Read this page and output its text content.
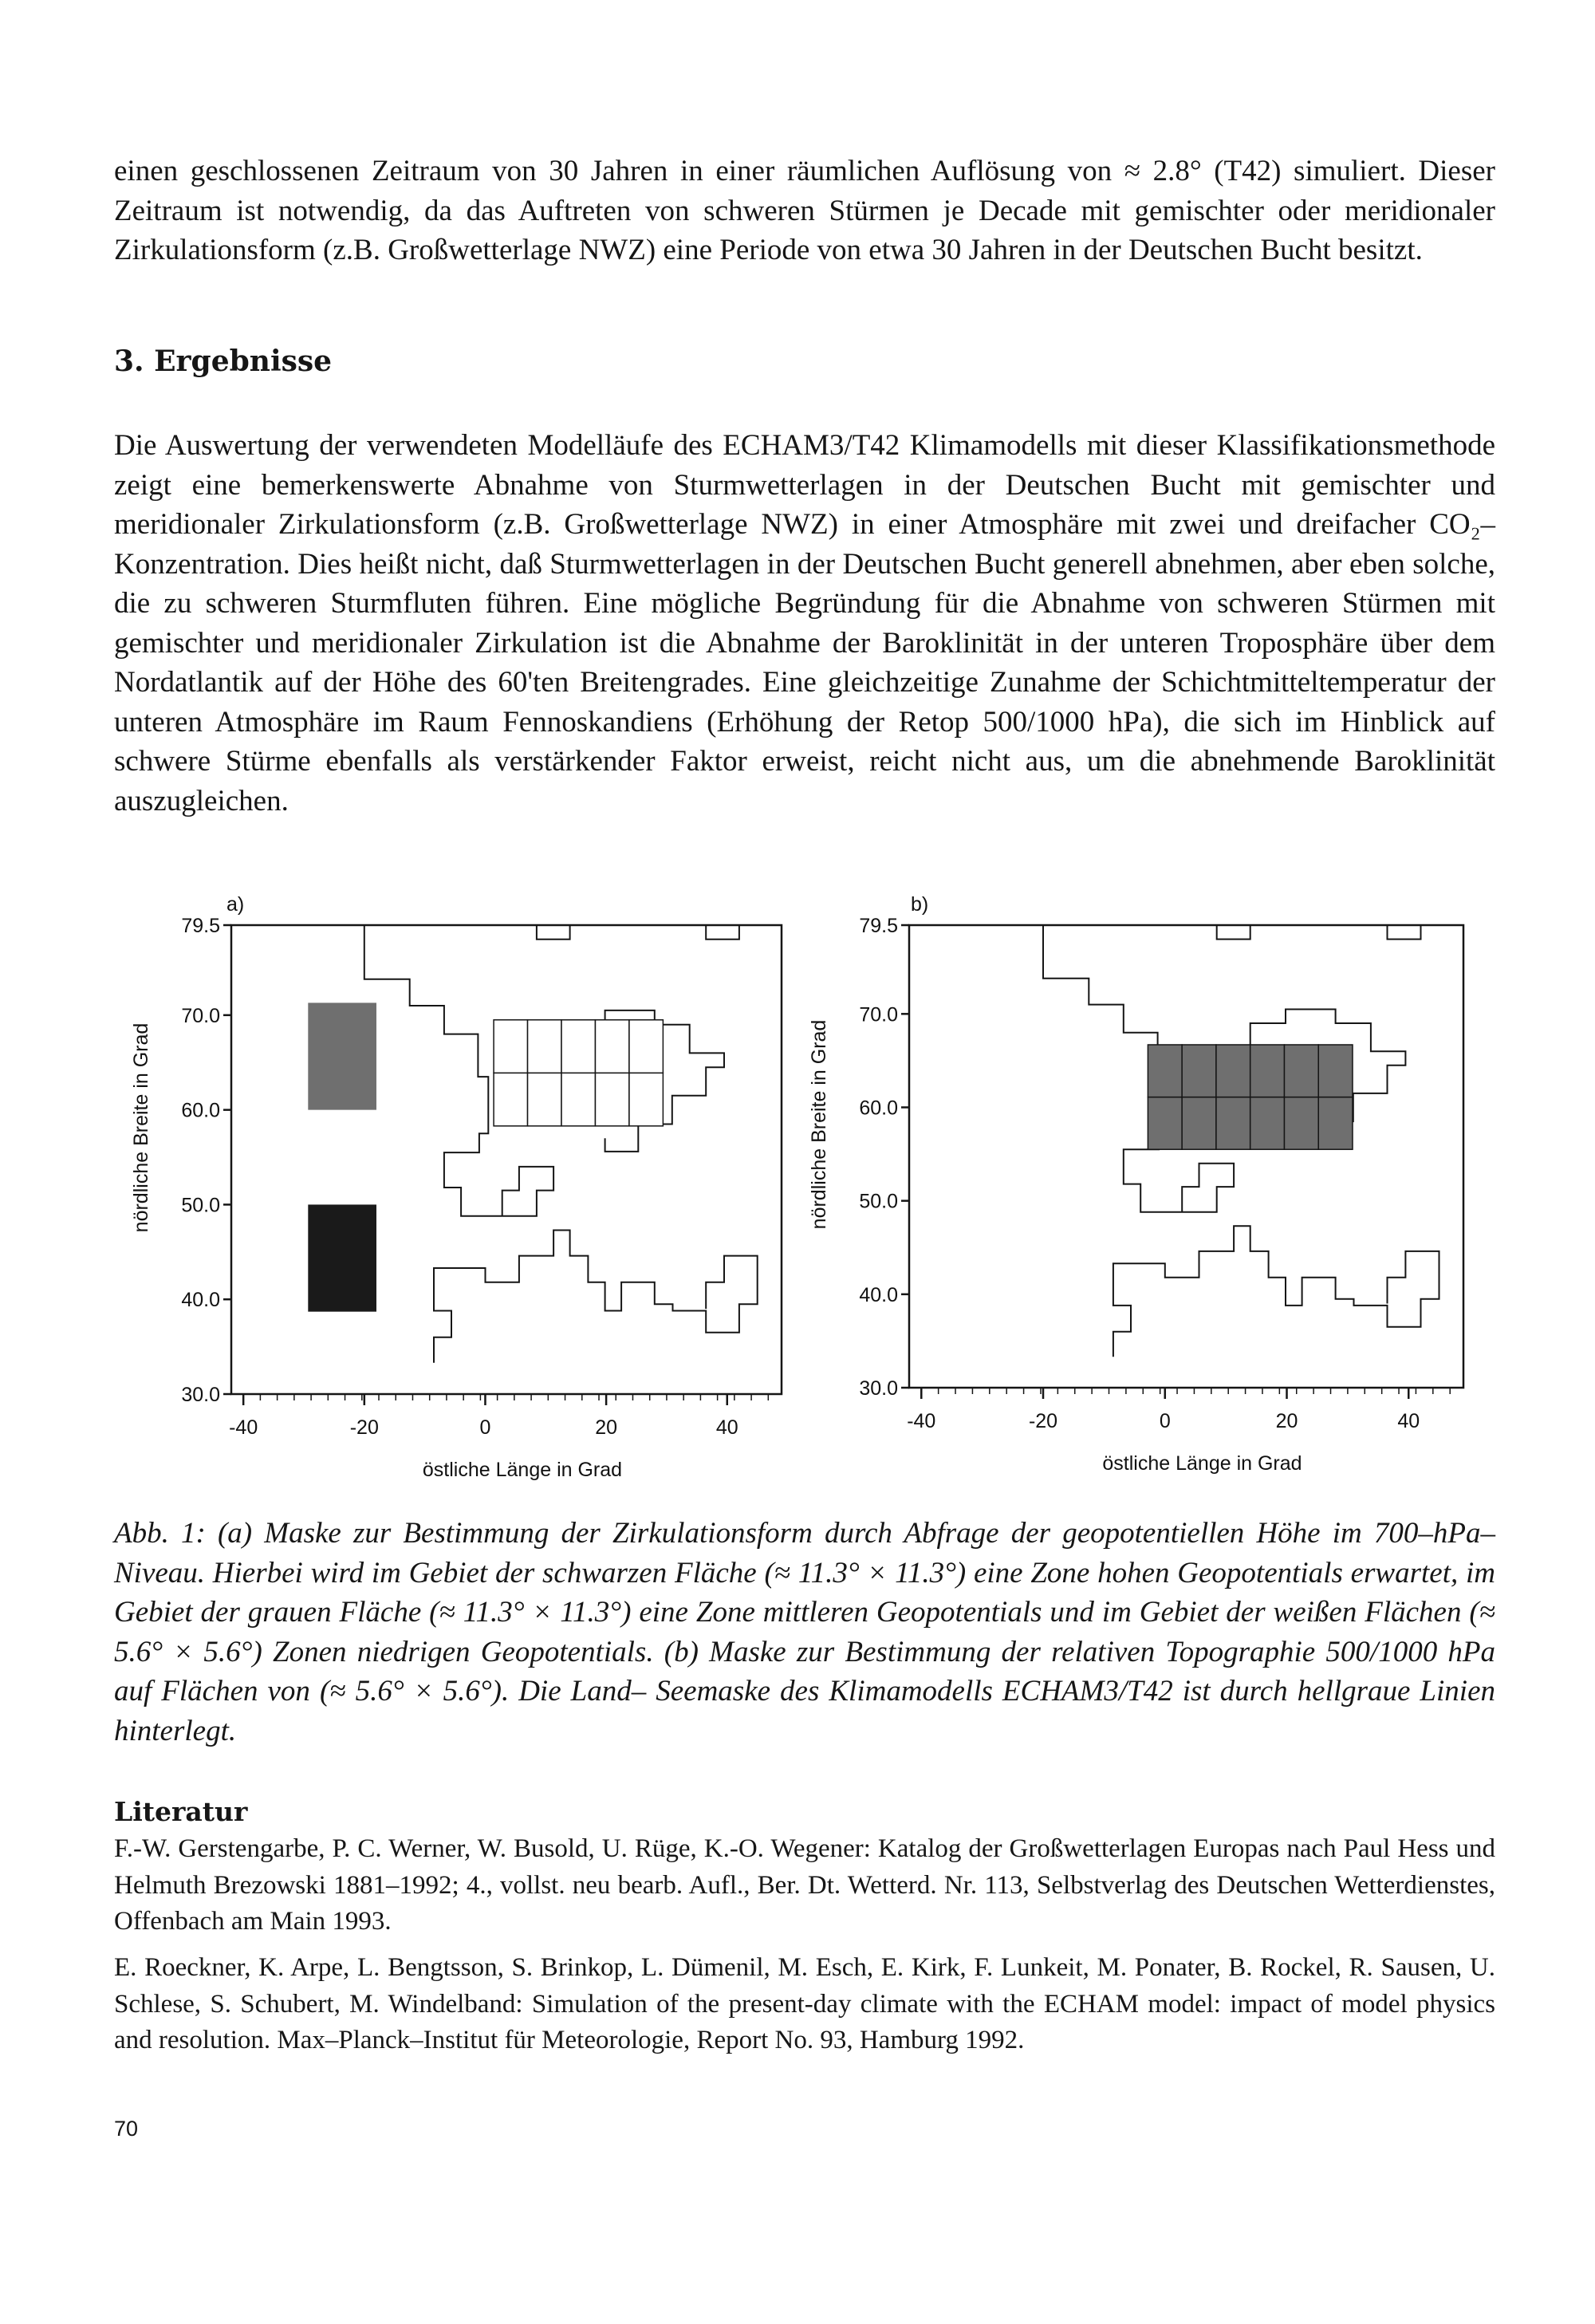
einen geschlossenen Zeitraum von 30 Jahren in einer räumlichen Auflösung von ≈ 2.8° (T42) simuliert. Dieser Zeitraum ist notwendig, da das Auftreten von schweren Stürmen je Decade mit gemischter oder meridionaler Zirkulationsform (z.B. Großwetterlage NWZ) eine Periode von etwa 30 Jahren in der Deutschen Bucht besitzt.

3. Ergebnisse

Die Auswertung der verwendeten Modelläufe des ECHAM3/T42 Klimamodells mit dieser Klassifikationsmethode zeigt eine bemerkenswerte Abnahme von Sturmwetterlagen in der Deutschen Bucht mit gemischter und meridionaler Zirkulationsform (z.B. Großwetterlage NWZ) in einer Atmosphäre mit zwei und dreifacher CO₂–Konzentration. Dies heißt nicht, daß Sturmwetterlagen in der Deutschen Bucht generell abnehmen, aber eben solche, die zu schweren Sturmfluten führen. Eine mögliche Begründung für die Abnahme von schweren Stürmen mit gemischter und meridionaler Zirkulation ist die Abnahme der Baroklinität in der unteren Troposphäre über dem Nordatlantik auf der Höhe des 60'ten Breitengrades. Eine gleichzeitige Zunahme der Schichtmitteltemperatur der unteren Atmosphäre im Raum Fennoskandiens (Erhöhung der Retop 500/1000 hPa), die sich im Hinblick auf schwere Stürme ebenfalls als verstärkender Faktor erweist, reicht nicht aus, um die abnehmende Baroklinität auszugleichen.

79.5
70.0
60.0
50.0
40.0
30.0
-40	-20	0	20	40
östliche Länge in Grad
nördliche Breite in Grad
a)
79.5
70.0
60.0
50.0
40.0
30.0
-40	-20	0	20	40
östliche Länge in Grad
nördliche Breite in Grad
b)

Abb. 1: (a) Maske zur Bestimmung der Zirkulationsform durch Abfrage der geopotentiellen Höhe im 700–hPa–Niveau. Hierbei wird im Gebiet der schwarzen Fläche (≈ 11.3° × 11.3°) eine Zone hohen Geopotentials erwartet, im Gebiet der grauen Fläche (≈ 11.3° × 11.3°) eine Zone mittleren Geopotentials und im Gebiet der weißen Flächen (≈ 5.6° × 5.6°) Zonen niedrigen Geopotentials. (b) Maske zur Bestimmung der relativen Topographie 500/1000 hPa auf Flächen von (≈ 5.6° × 5.6°). Die Land– Seemaske des Klimamodells ECHAM3/T42 ist durch hellgraue Linien hinterlegt.

Literatur

F.-W. Gerstengarbe, P. C. Werner, W. Busold, U. Rüge, K.-O. Wegener: Katalog der Großwetterlagen Europas nach Paul Hess und Helmuth Brezowski 1881–1992; 4., vollst. neu bearb. Aufl., Ber. Dt. Wetterd. Nr. 113, Selbstverlag des Deutschen Wetterdienstes, Offenbach am Main 1993.

E. Roeckner, K. Arpe, L. Bengtsson, S. Brinkop, L. Dümenil, M. Esch, E. Kirk, F. Lunkeit, M. Ponater, B. Rockel, R. Sausen, U. Schlese, S. Schubert, M. Windelband: Simulation of the present-day climate with the ECHAM model: impact of model physics and resolution. Max–Planck–Institut für Meteorologie, Report No. 93, Hamburg 1992.

70
